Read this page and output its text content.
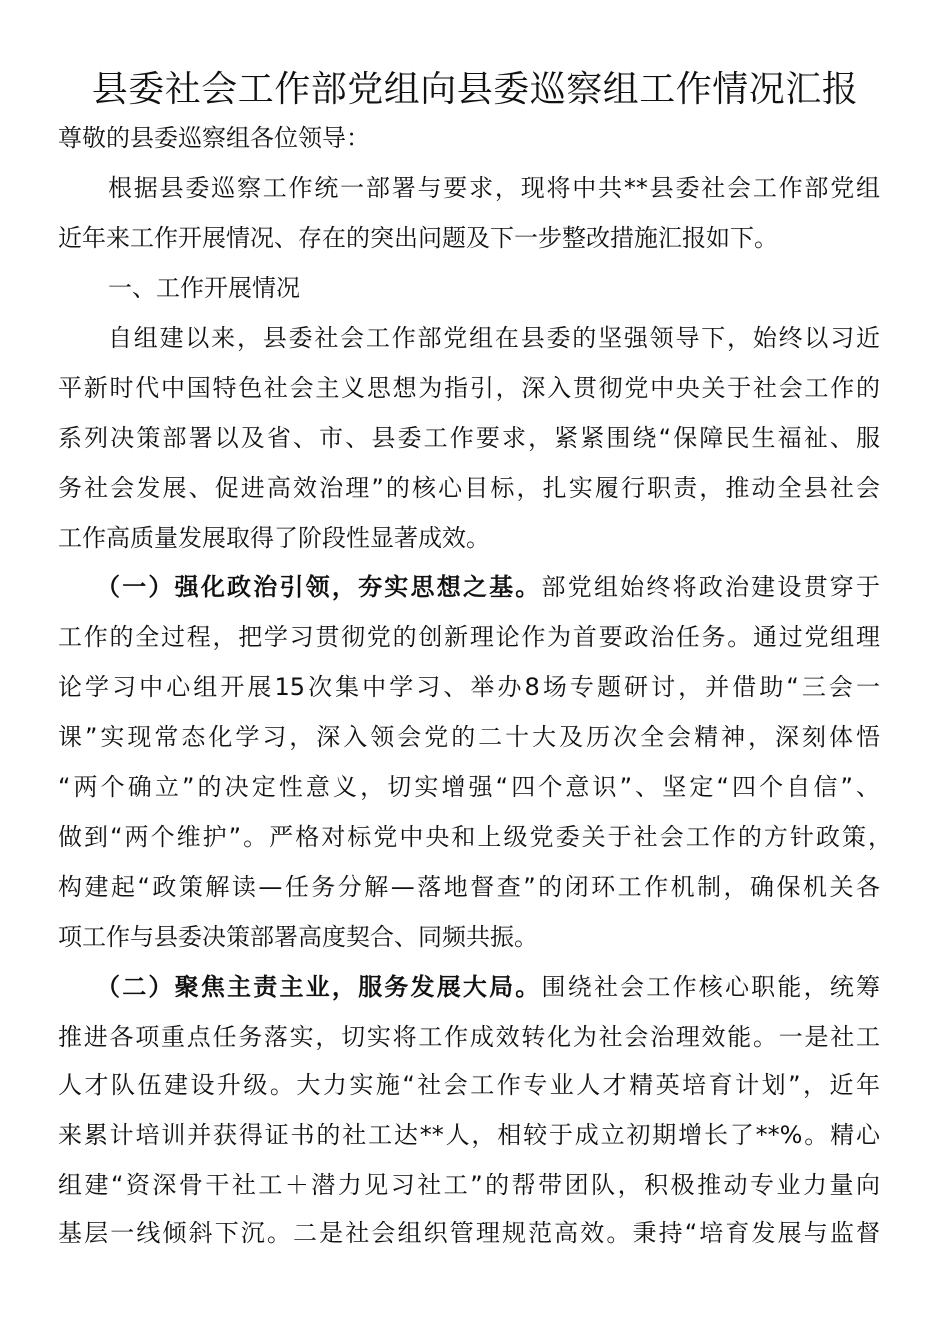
县委社会工作部党组向县委巡察组工作情况汇报
尊敬的县委巡察组各位领导：
根据县委巡察工作统一部署与要求，现将中共**县委社会工作部党组
近年来工作开展情况、存在的突出问题及下一步整改措施汇报如下。
一、工作开展情况
自组建以来，县委社会工作部党组在县委的坚强领导下，始终以习近
平新时代中国特色社会主义思想为指引，深入贯彻党中央关于社会工作的
系列决策部署以及省、市、县委工作要求，紧紧围绕“保障民生福祉、服
务社会发展、促进高效治理”的核心目标，扎实履行职责，推动全县社会
工作高质量发展取得了阶段性显著成效。
（一）强化政治引领，夯实思想之基。部党组始终将政治建设贯穿于
工作的全过程，把学习贯彻党的创新理论作为首要政治任务。通过党组理
论学习中心组开展15次集中学习、举办8场专题研讨，并借助“三会一
课”实现常态化学习，深入领会党的二十大及历次全会精神，深刻体悟
“两个确立”的决定性意义，切实增强“四个意识”、坚定“四个自信”、
做到“两个维护”。严格对标党中央和上级党委关于社会工作的方针政策，
构建起“政策解读—任务分解—落地督查”的闭环工作机制，确保机关各
项工作与县委决策部署高度契合、同频共振。
（二）聚焦主责主业，服务发展大局。围绕社会工作核心职能，统筹
推进各项重点任务落实，切实将工作成效转化为社会治理效能。一是社工
人才队伍建设升级。大力实施“社会工作专业人才精英培育计划”，近年
来累计培训并获得证书的社工达**人，相较于成立初期增长了**%。精心
组建“资深骨干社工＋潜力见习社工”的帮带团队，积极推动专业力量向
基层一线倾斜下沉。二是社会组织管理规范高效。秉持“培育发展与监督
